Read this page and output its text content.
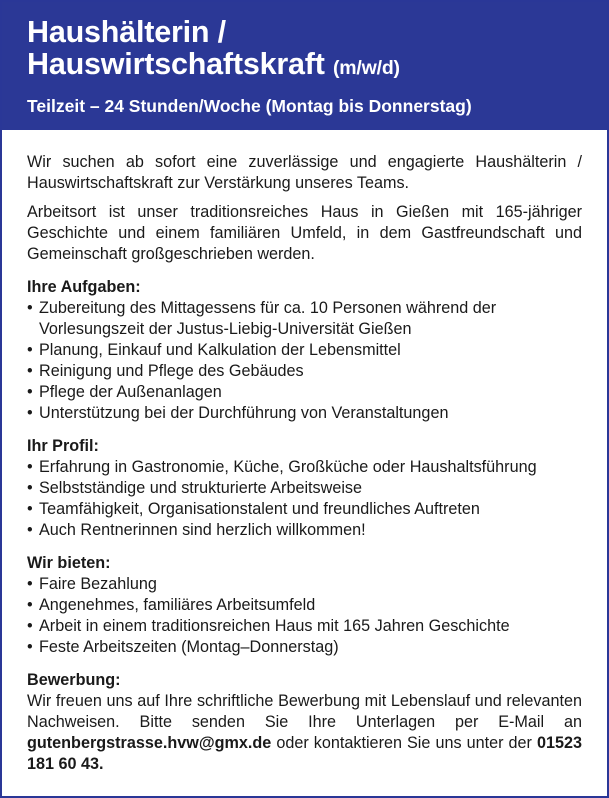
Haushälterin /
Hauswirtschaftskraft (m/w/d)
Teilzeit – 24 Stunden/Woche (Montag bis Donnerstag)

Wir suchen ab sofort eine zuverlässige und engagierte Haushälterin / Hauswirtschaftskraft zur Verstärkung unseres Teams.

Arbeitsort ist unser traditionsreiches Haus in Gießen mit 165-jähriger Geschichte und einem familiären Umfeld, in dem Gastfreundschaft und Gemeinschaft großgeschrieben werden.

Ihre Aufgaben:
• Zubereitung des Mittagessens für ca. 10 Personen während der Vorlesungszeit der Justus-Liebig-Universität Gießen
• Planung, Einkauf und Kalkulation der Lebensmittel
• Reinigung und Pflege des Gebäudes
• Pflege der Außenanlagen
• Unterstützung bei der Durchführung von Veranstaltungen
Ihr Profil:
• Erfahrung in Gastronomie, Küche, Großküche oder Haushaltsführung
• Selbstständige und strukturierte Arbeitsweise
• Teamfähigkeit, Organisationstalent und freundliches Auftreten
• Auch Rentnerinnen sind herzlich willkommen!
Wir bieten:
• Faire Bezahlung
• Angenehmes, familiäres Arbeitsumfeld
• Arbeit in einem traditionsreichen Haus mit 165 Jahren Geschichte
• Feste Arbeitszeiten (Montag–Donnerstag)
Bewerbung:
Wir freuen uns auf Ihre schriftliche Bewerbung mit Lebenslauf und relevanten Nachweisen. Bitte senden Sie Ihre Unterlagen per E-Mail an gutenbergstrasse.hvw@gmx.de oder kontaktieren Sie uns unter der 01523 181 60 43.
